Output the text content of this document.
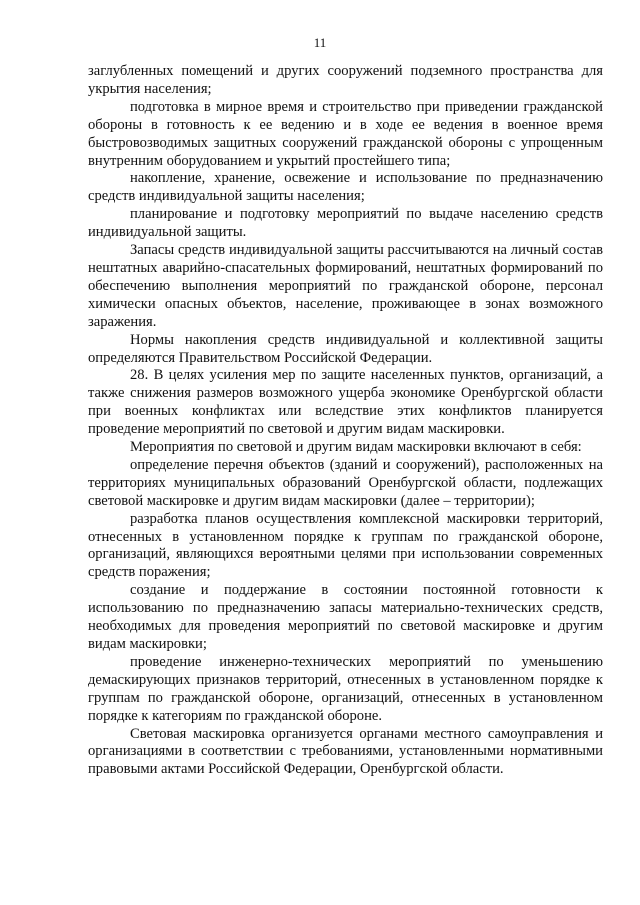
11

заглубленных помещений и других сооружений подземного пространства для укрытия населения;

подготовка в мирное время и строительство при приведении гражданской обороны в готовность к ее ведению и в ходе ее ведения в военное время быстровозводимых защитных сооружений гражданской обороны с упрощенным внутренним оборудованием и укрытий простейшего типа;

накопление, хранение, освежение и использование по предназначению средств индивидуальной защиты населения;

планирование и подготовку мероприятий по выдаче населению средств индивидуальной защиты.

Запасы средств индивидуальной защиты рассчитываются на личный состав нештатных аварийно-спасательных формирований, нештатных формирований по обеспечению выполнения мероприятий по гражданской обороне, персонал химически опасных объектов, население, проживающее в зонах возможного заражения.

Нормы накопления средств индивидуальной и коллективной защиты определяются Правительством Российской Федерации.

28. В целях усиления мер по защите населенных пунктов, организаций, а также снижения размеров возможного ущерба экономике Оренбургской области при военных конфликтах или вследствие этих конфликтов планируется проведение мероприятий по световой и другим видам маскировки.

Мероприятия по световой и другим видам маскировки включают в себя:

определение перечня объектов (зданий и сооружений), расположенных на территориях муниципальных образований Оренбургской области, подлежащих световой маскировке и другим видам маскировки (далее – территории);

разработка планов осуществления комплексной маскировки территорий, отнесенных в установленном порядке к группам по гражданской обороне, организаций, являющихся вероятными целями при использовании современных средств поражения;

создание и поддержание в состоянии постоянной готовности к использованию по предназначению запасы материально-технических средств, необходимых для проведения мероприятий по световой маскировке и другим видам маскировки;

проведение инженерно-технических мероприятий по уменьшению демаскирующих признаков территорий, отнесенных в установленном порядке к группам по гражданской обороне, организаций, отнесенных в установленном порядке к категориям по гражданской обороне.

Световая маскировка организуется органами местного самоуправления и организациями в соответствии с требованиями, установленными нормативными правовыми актами Российской Федерации, Оренбургской области.
